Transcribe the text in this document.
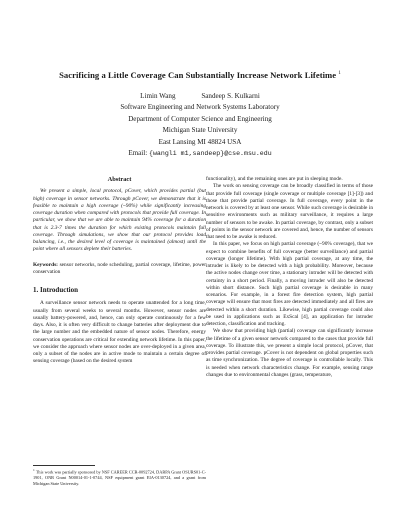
Sacrificing a Little Coverage Can Substantially Increase Network Lifetime $^1$
Limin Wang	Sandeep S. Kulkarni
Software Engineering and Network Systems Laboratory
Department of Computer Science and Engineering
Michigan State University
East Lansing MI 48824 USA
Email: {wangli m1,sandeep}@cse.msu.edu
Abstract

We present a simple, local protocol, pCover, which provides partial (but high) coverage in sensor networks. Through pCover, we demonstrate that it is feasible to maintain a high coverage (~90%) while significantly increasing coverage duration when compared with protocols that provide full coverage. In particular, we show that we are able to maintain 94% coverage for a duration that is 2.3-7 times the duration for which existing protocols maintain full coverage. Through simulations, we show that our protocol provides load balancing, i.e., the desired level of coverage is maintained (almost) until the point where all sensors deplete their batteries.

Keywords: sensor networks, node scheduling, partial coverage, lifetime, power conservation

1. Introduction

A surveillance sensor network needs to operate unattended for a long time, usually from several weeks to several months. However, sensor nodes are usually battery-powered, and, hence, can only operate continuously for a few days. Also, it is often very difficult to change batteries after deployment due to the large number and the embedded nature of sensor nodes. Therefore, energy conservation operations are critical for extending network lifetime. In this paper, we consider the approach where sensor nodes are over-deployed in a given area, only a subset of the nodes are in active mode to maintain a certain degree of sensing coverage (based on the desired system

functionality), and the remaining ones are put in sleeping mode.

The work on sensing coverage can be broadly classified in terms of those that provide full coverage (single coverage or multiple coverage [1]-[3]) and those that provide partial coverage. In full coverage, every point in the network is covered by at least one sensor. While such coverage is desirable in sensitive environments such as military surveillance, it requires a large number of sensors to be awake. In partial coverage, by contrast, only a subset of points in the sensor network are covered and, hence, the number of sensors that need to be awake is reduced.

In this paper, we focus on high partial coverage (~90% coverage), that we expect to combine benefits of full coverage (better surveillance) and partial coverage (longer lifetime). With high partial coverage, at any time, the intruder is likely to be detected with a high probability. Moreover, because the active nodes change over time, a stationary intruder will be detected with certainty in a short period. Finally, a moving intruder will also be detected within short distance. Such high partial coverage is desirable in many scenarios. For example, in a forest fire detection system, high partial coverage will ensure that most fires are detected immediately and all fires are detected within a short duration. Likewise, high partial coverage could also be used in applications such as ExScal [4], an application for intruder detection, classification and tracking.

We show that providing high (partial) coverage can significantly increase the lifetime of a given sensor network compared to the cases that provide full coverage. To illustrate this, we present a simple local protocol, pCover, that provides partial coverage. pCover is not dependent on global properties such as time synchronization. The degree of coverage is controllable locally. This is needed when network characteristics change. For example, sensing range changes due to environmental changes (grass, temperature,

$^1$ This work was partially sponsored by NSF CAREER CCR-0092724, DARPA Grant OSURS01-C-1901, ONR Grant N00014-01-1-0744, NSF equipment grant EIA-0130724, and a grant from Michigan State University.
